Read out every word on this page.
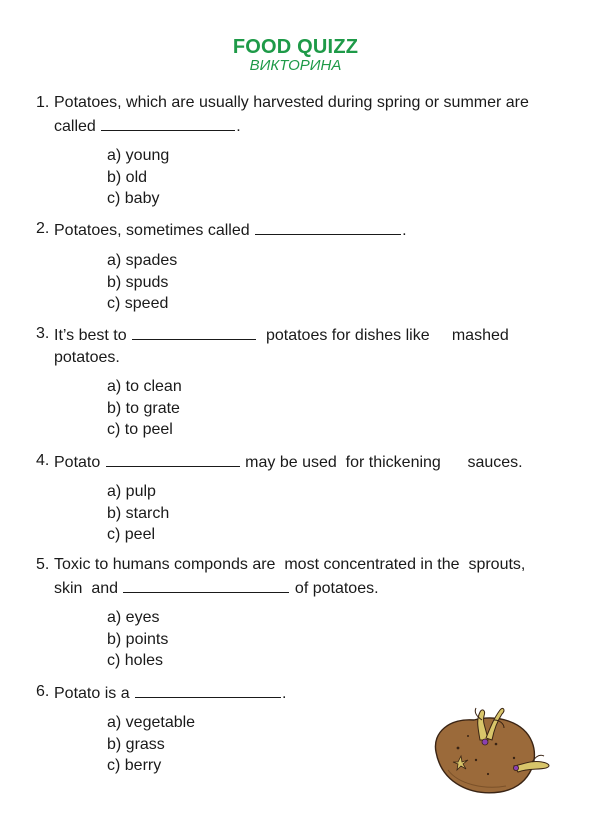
FOOD QUIZZ
ВИКТОРИНА
1. Potatoes, which are usually harvested during spring or summer are
called	.
a) young
b) old
c) baby
2. Potatoes, sometimes called	.
a) spades
b) spuds
c) speed
3. It’s best to	potatoes for dishes like     mashed
potatoes.
a) to clean
b) to grate
c) to peel
4. Potato	may be used  for thickening      sauces.
a) pulp
b) starch
c) peel
5. Toxic to humans componds are  most concentrated in the  sprouts,
skin  and	of potatoes.
a) eyes
b) points
c) holes
6. Potato is a	.
a) vegetable
b) grass
c) berry
